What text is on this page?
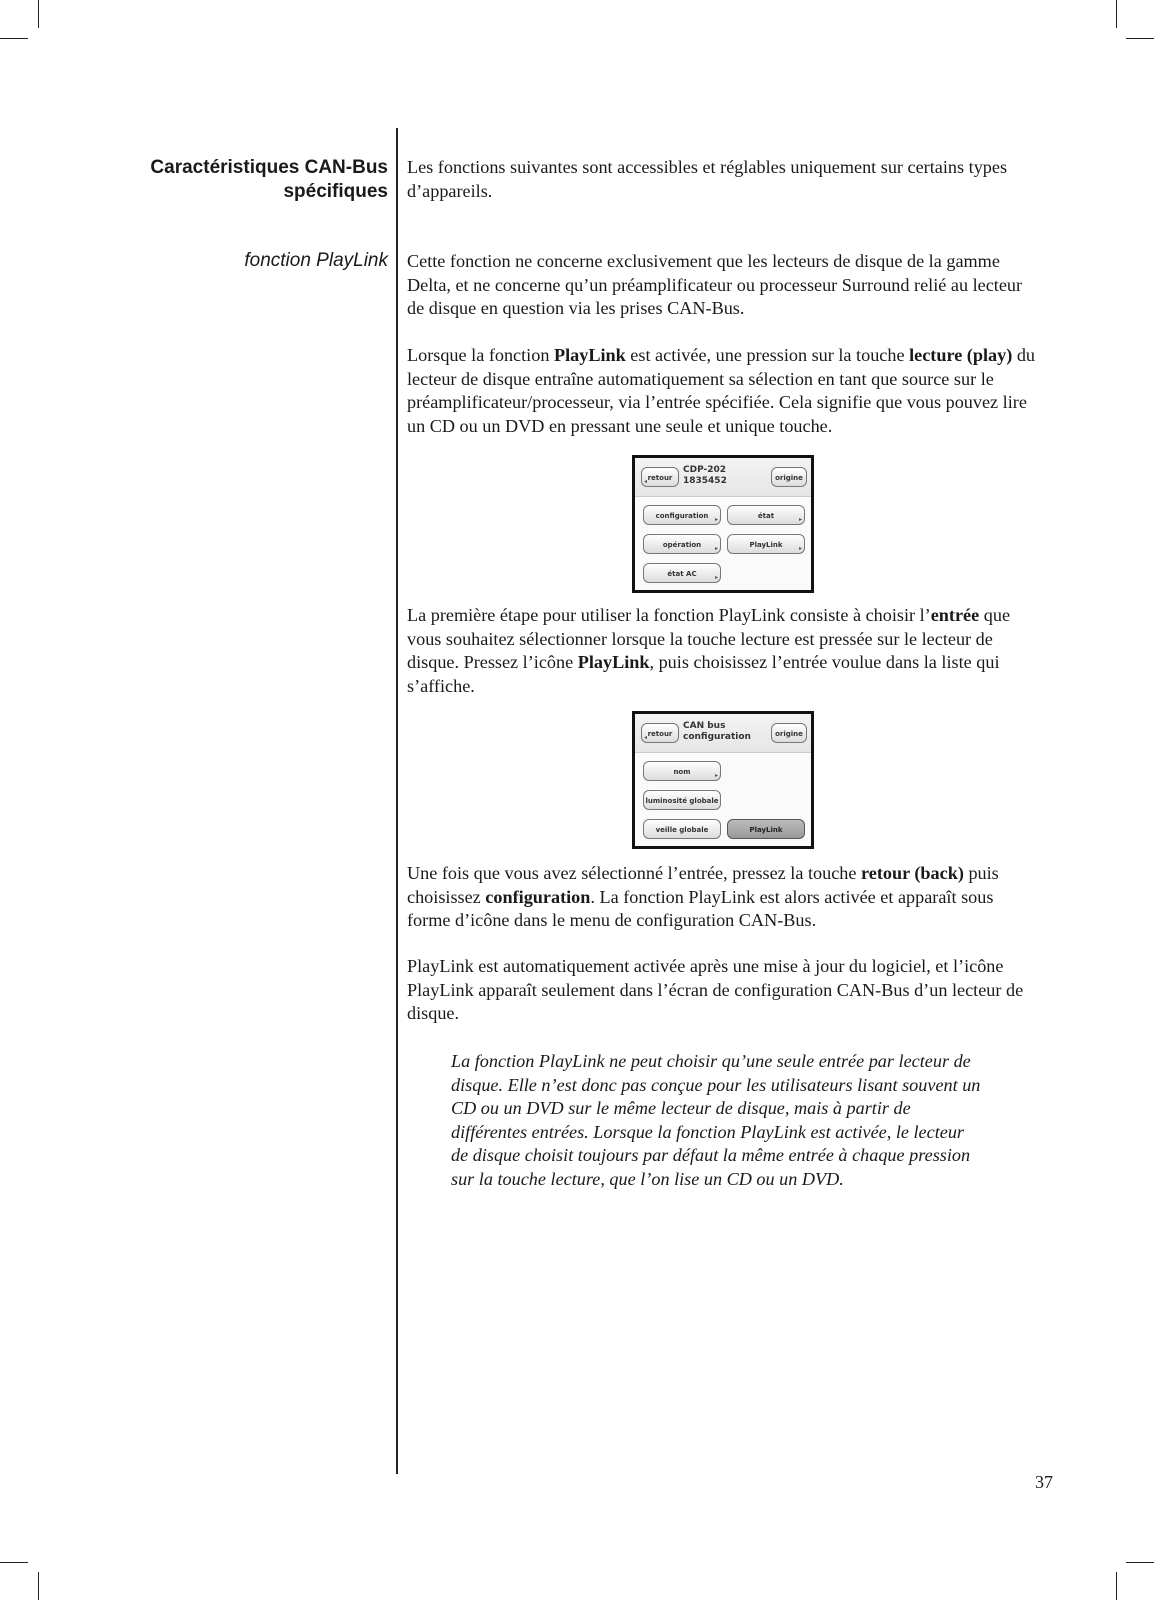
Caractéristiques CAN-Bus
spécifiques
fonction PlayLink

Les fonctions suivantes sont accessibles et réglables uniquement sur certains types d’appareils.

Cette fonction ne concerne exclusivement que les lecteurs de disque de la gamme Delta, et ne concerne qu’un préamplificateur ou processeur Surround relié au lecteur de disque en question via les prises CAN-Bus.

Lorsque la fonction PlayLink est activée, une pression sur la touche lecture (play) du lecteur de disque entraîne automatiquement sa sélection en tant que source sur le préamplificateur/processeur, via l’entrée spécifiée. Cela signifie que vous pouvez lire un CD ou un DVD en pressant une seule et unique touche.

retour
◂
CDP-202
1835452	origine
configuration ▸	état	▸
opération ▸	PlayLink	▸
état AC	▸

La première étape pour utiliser la fonction PlayLink consiste à choisir l’entrée que vous souhaitez sélectionner lorsque la touche lecture est pressée sur le lecteur de disque. Pressez l’icône PlayLink, puis choisissez l’entrée voulue dans la liste qui s’affiche.

retour
◂
CAN bus
configuration	origine
nom	▸
luminosité globale
veille globale	PlayLink

Une fois que vous avez sélectionné l’entrée, pressez la touche retour (back) puis choisissez configuration. La fonction PlayLink est alors activée et apparaît sous forme d’icône dans le menu de configuration CAN-Bus.

PlayLink est automatiquement activée après une mise à jour du logiciel, et l’icône PlayLink apparaît seulement dans l’écran de configuration CAN-Bus d’un lecteur de disque.

La fonction PlayLink ne peut choisir qu’une seule entrée par lecteur de disque. Elle n’est donc pas conçue pour les utilisateurs lisant souvent un CD ou un DVD sur le même lecteur de disque, mais à partir de différentes entrées. Lorsque la fonction PlayLink est activée, le lecteur de disque choisit toujours par défaut la même entrée à chaque pression sur la touche lecture, que l’on lise un CD ou un DVD.

37
